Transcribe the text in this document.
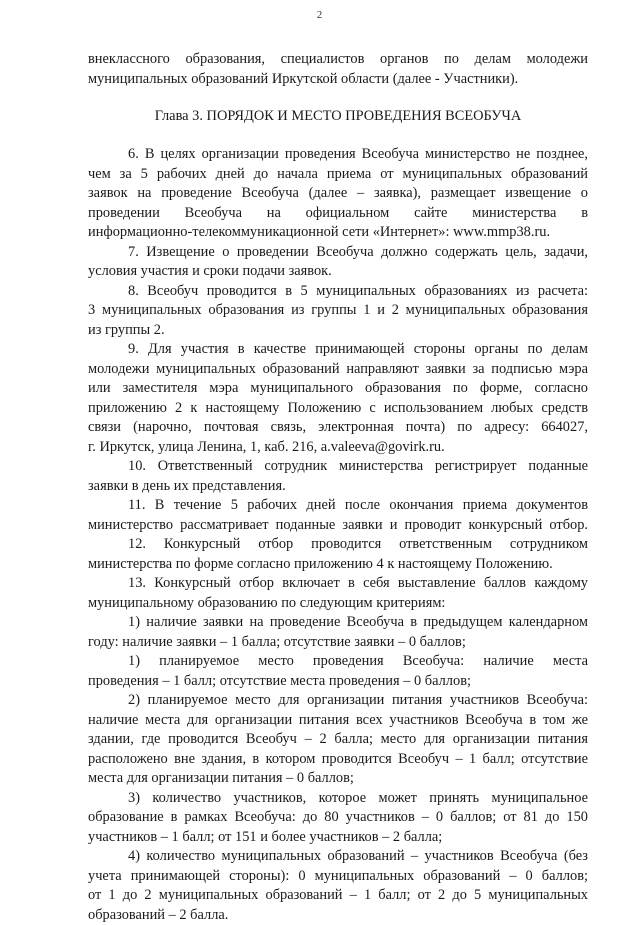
2

внеклассного образования, специалистов органов по делам молодежи

муниципальных образований Иркутской области (далее - Участники).

Глава 3. ПОРЯДОК И МЕСТО ПРОВЕДЕНИЯ ВСЕОБУЧА

6. В целях организации проведения Всеобуча министерство не позднее,

чем за 5 рабочих дней до начала приема от муниципальных образований

заявок на проведение Всеобуча (далее – заявка), размещает извещение о

проведении Всеобуча на официальном сайте министерства в

информационно-телекоммуникационной сети «Интернет»: www.mmp38.ru.

7. Извещение о проведении Всеобуча должно содержать цель, задачи,

условия участия и сроки подачи заявок.

8. Всеобуч проводится в 5 муниципальных образованиях из расчета:

3 муниципальных образования из группы 1 и 2 муниципальных образования

из группы 2.

9. Для участия в качестве принимающей стороны органы по делам

молодежи муниципальных образований направляют заявки за подписью мэра

или заместителя мэра муниципального образования по форме, согласно

приложению 2 к настоящему Положению с использованием любых средств

связи (нарочно, почтовая связь, электронная почта) по адресу: 664027,

г. Иркутск, улица Ленина, 1, каб. 216, a.valeeva@govirk.ru.

10. Ответственный сотрудник министерства регистрирует поданные

заявки в день их представления.

11. В течение 5 рабочих дней после окончания приема документов

министерство рассматривает поданные заявки и проводит конкурсный отбор.

12. Конкурсный отбор проводится ответственным сотрудником

министерства по форме согласно приложению 4 к настоящему Положению.

13. Конкурсный отбор включает в себя выставление баллов каждому

муниципальному образованию по следующим критериям:

1) наличие заявки на проведение Всеобуча в предыдущем календарном

году: наличие заявки – 1 балла; отсутствие заявки – 0 баллов;

1) планируемое место проведения Всеобуча: наличие места

проведения – 1 балл; отсутствие места проведения – 0 баллов;

2) планируемое место для организации питания участников Всеобуча:

наличие места для организации питания всех участников Всеобуча в том же

здании, где проводится Всеобуч – 2 балла; место для организации питания

расположено вне здания, в котором проводится Всеобуч – 1 балл; отсутствие

места для организации питания – 0 баллов;

3) количество участников, которое может принять муниципальное

образование в рамках Всеобуча: до 80 участников – 0 баллов; от 81 до 150

участников – 1 балл; от 151 и более участников – 2 балла;

4) количество муниципальных образований – участников Всеобуча (без

учета принимающей стороны): 0 муниципальных образований – 0 баллов;

от 1 до 2 муниципальных образований – 1 балл; от 2 до 5 муниципальных

образований – 2 балла.
